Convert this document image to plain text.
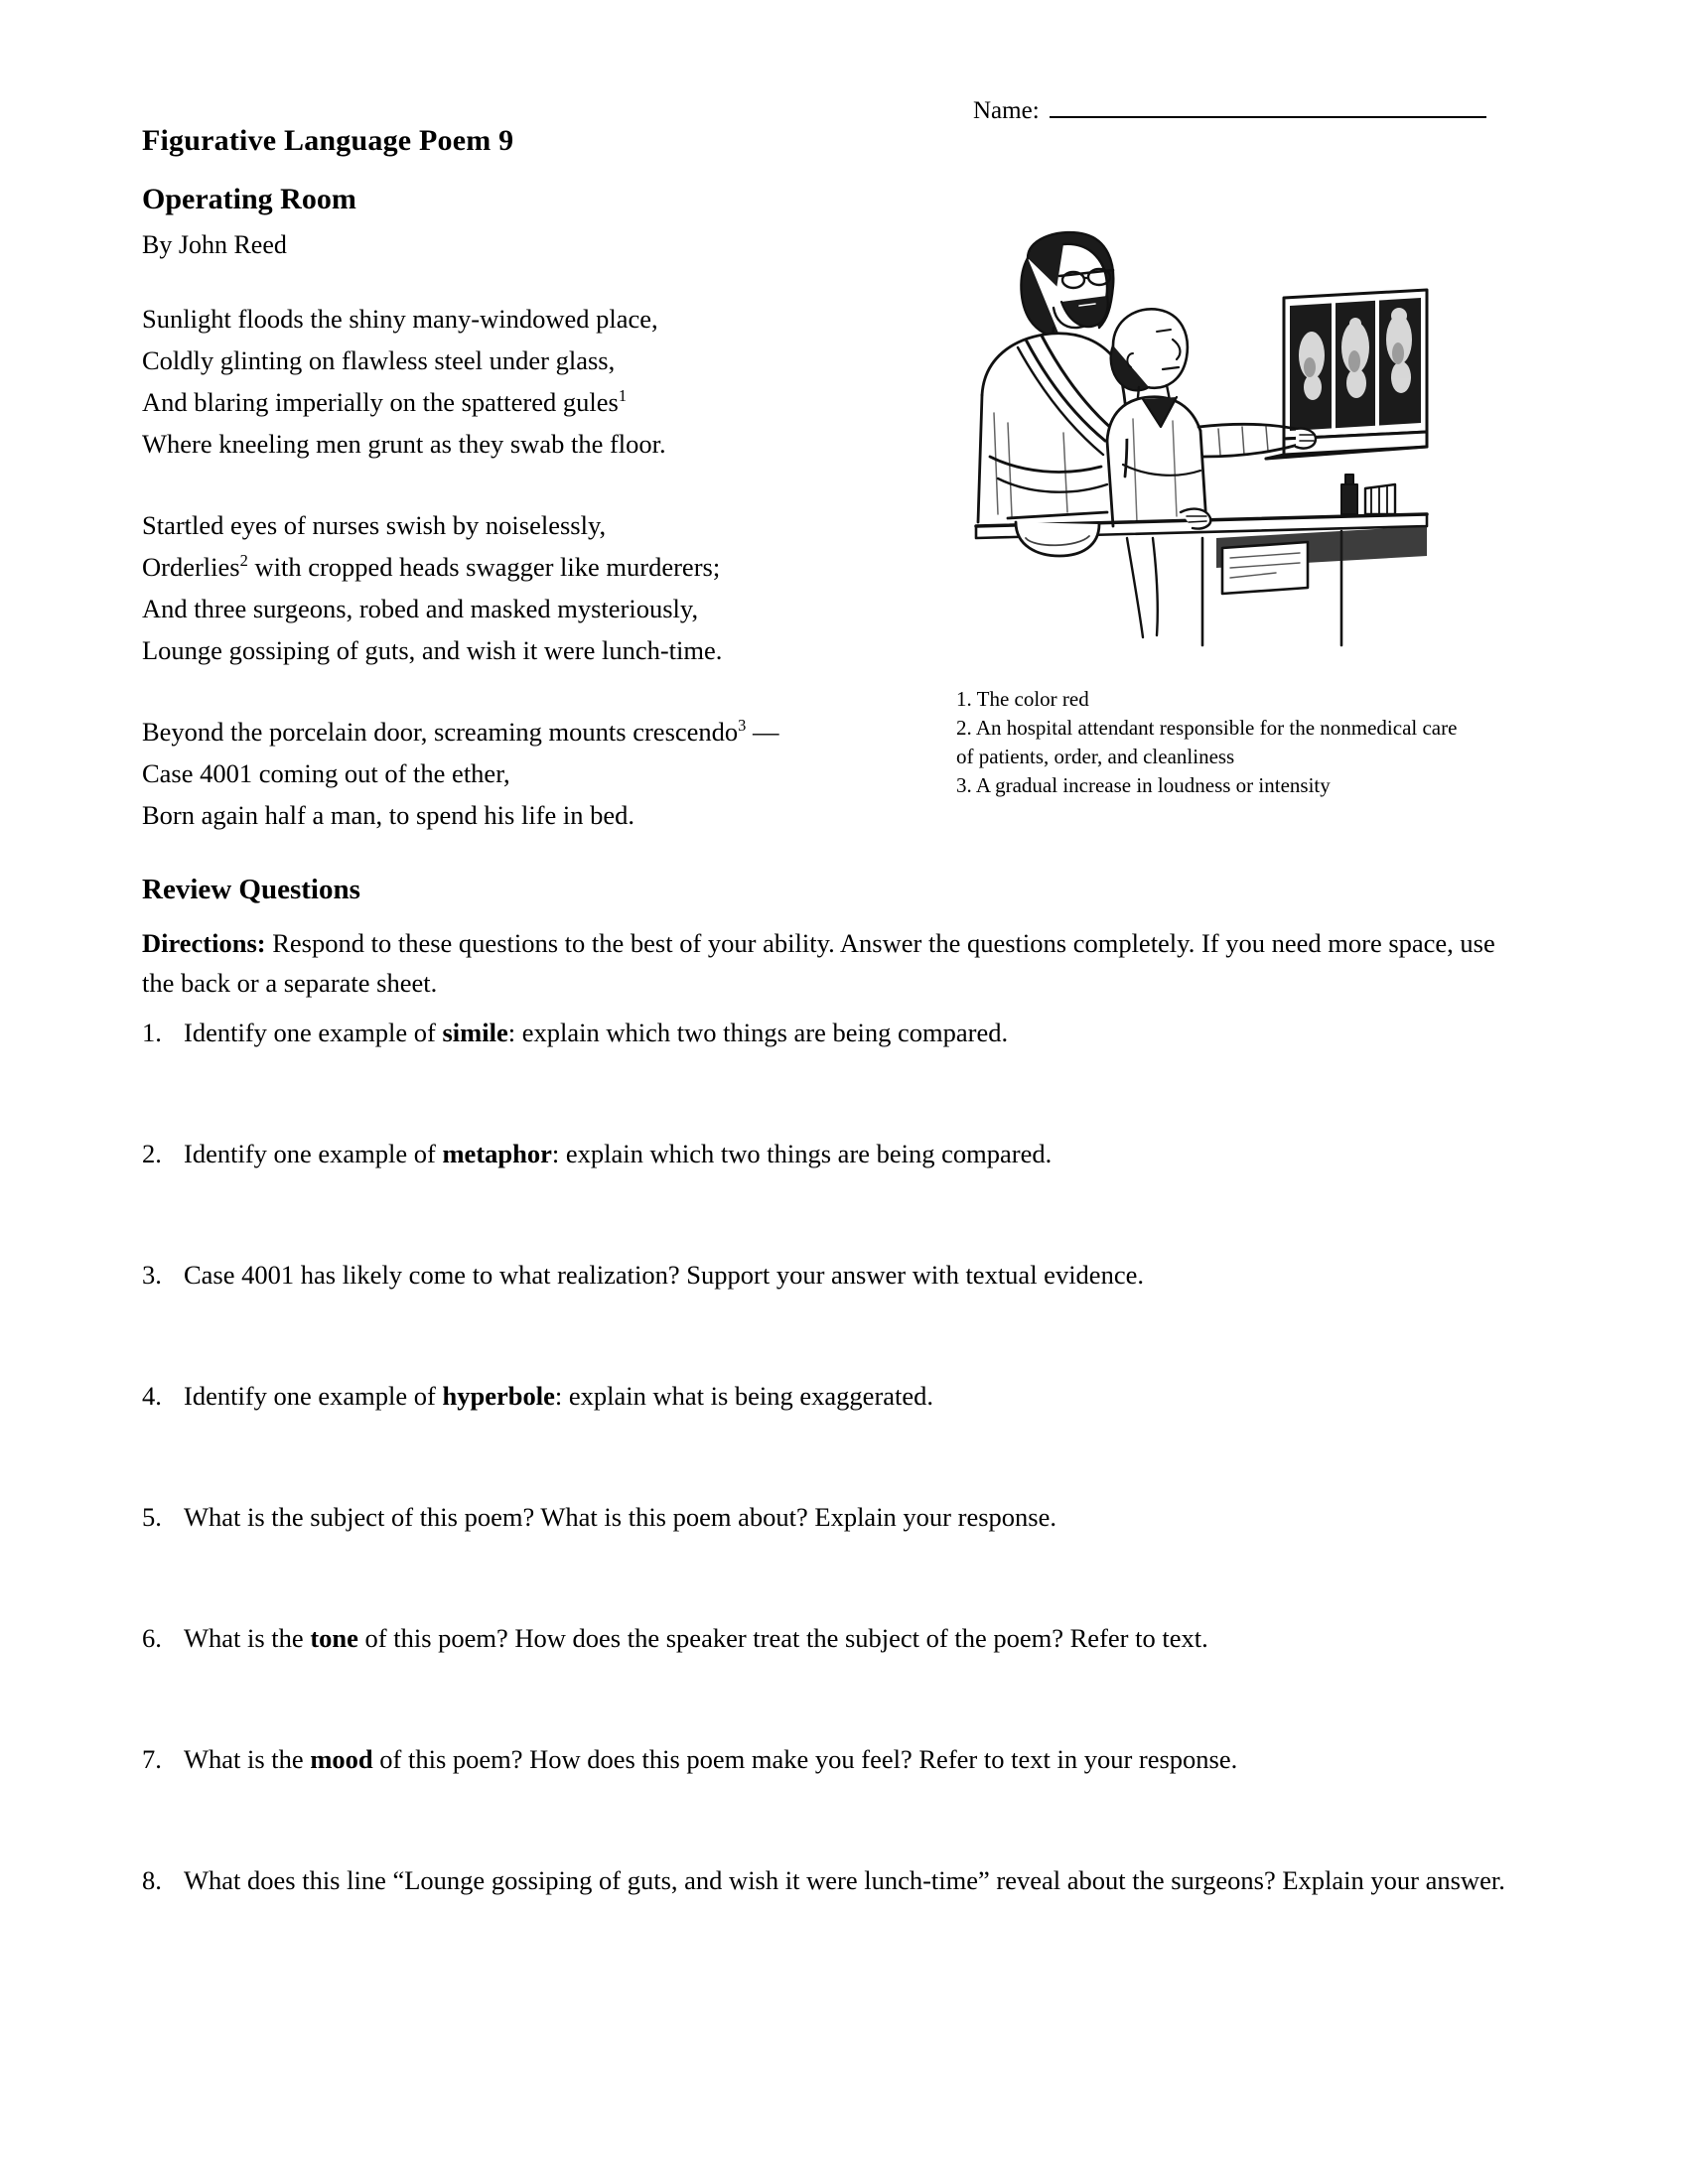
Name:
Figurative Language Poem 9
Operating Room
By John Reed
Sunlight floods the shiny many-windowed place,
Coldly glinting on flawless steel under glass,
And blaring imperially on the spattered gules$^1$
Where kneeling men grunt as they swab the floor.
Startled eyes of nurses swish by noiselessly,
Orderlies$^2$ with cropped heads swagger like murderers;
And three surgeons, robed and masked mysteriously,
Lounge gossiping of guts, and wish it were lunch-time.
Beyond the porcelain door, screaming mounts crescendo$^3$ —
Case 4001 coming out of the ether,
Born again half a man, to spend his life in bed.

1. The color red

2. An hospital attendant responsible for the nonmedical care of patients, order, and cleanliness

3. A gradual increase in loudness or intensity

Review Questions
Directions: Respond to these questions to the best of your ability. Answer the questions completely. If you need more space, use the back or a separate sheet.
1. Identify one example of simile: explain which two things are being compared.
2. Identify one example of metaphor: explain which two things are being compared.
3. Case 4001 has likely come to what realization? Support your answer with textual evidence.
4. Identify one example of hyperbole: explain what is being exaggerated.
5. What is the subject of this poem? What is this poem about? Explain your response.
6. What is the tone of this poem? How does the speaker treat the subject of the poem? Refer to text.
7. What is the mood of this poem? How does this poem make you feel? Refer to text in your response.
8. What does this line “Lounge gossiping of guts, and wish it were lunch-time” reveal about the surgeons? Explain your answer.
